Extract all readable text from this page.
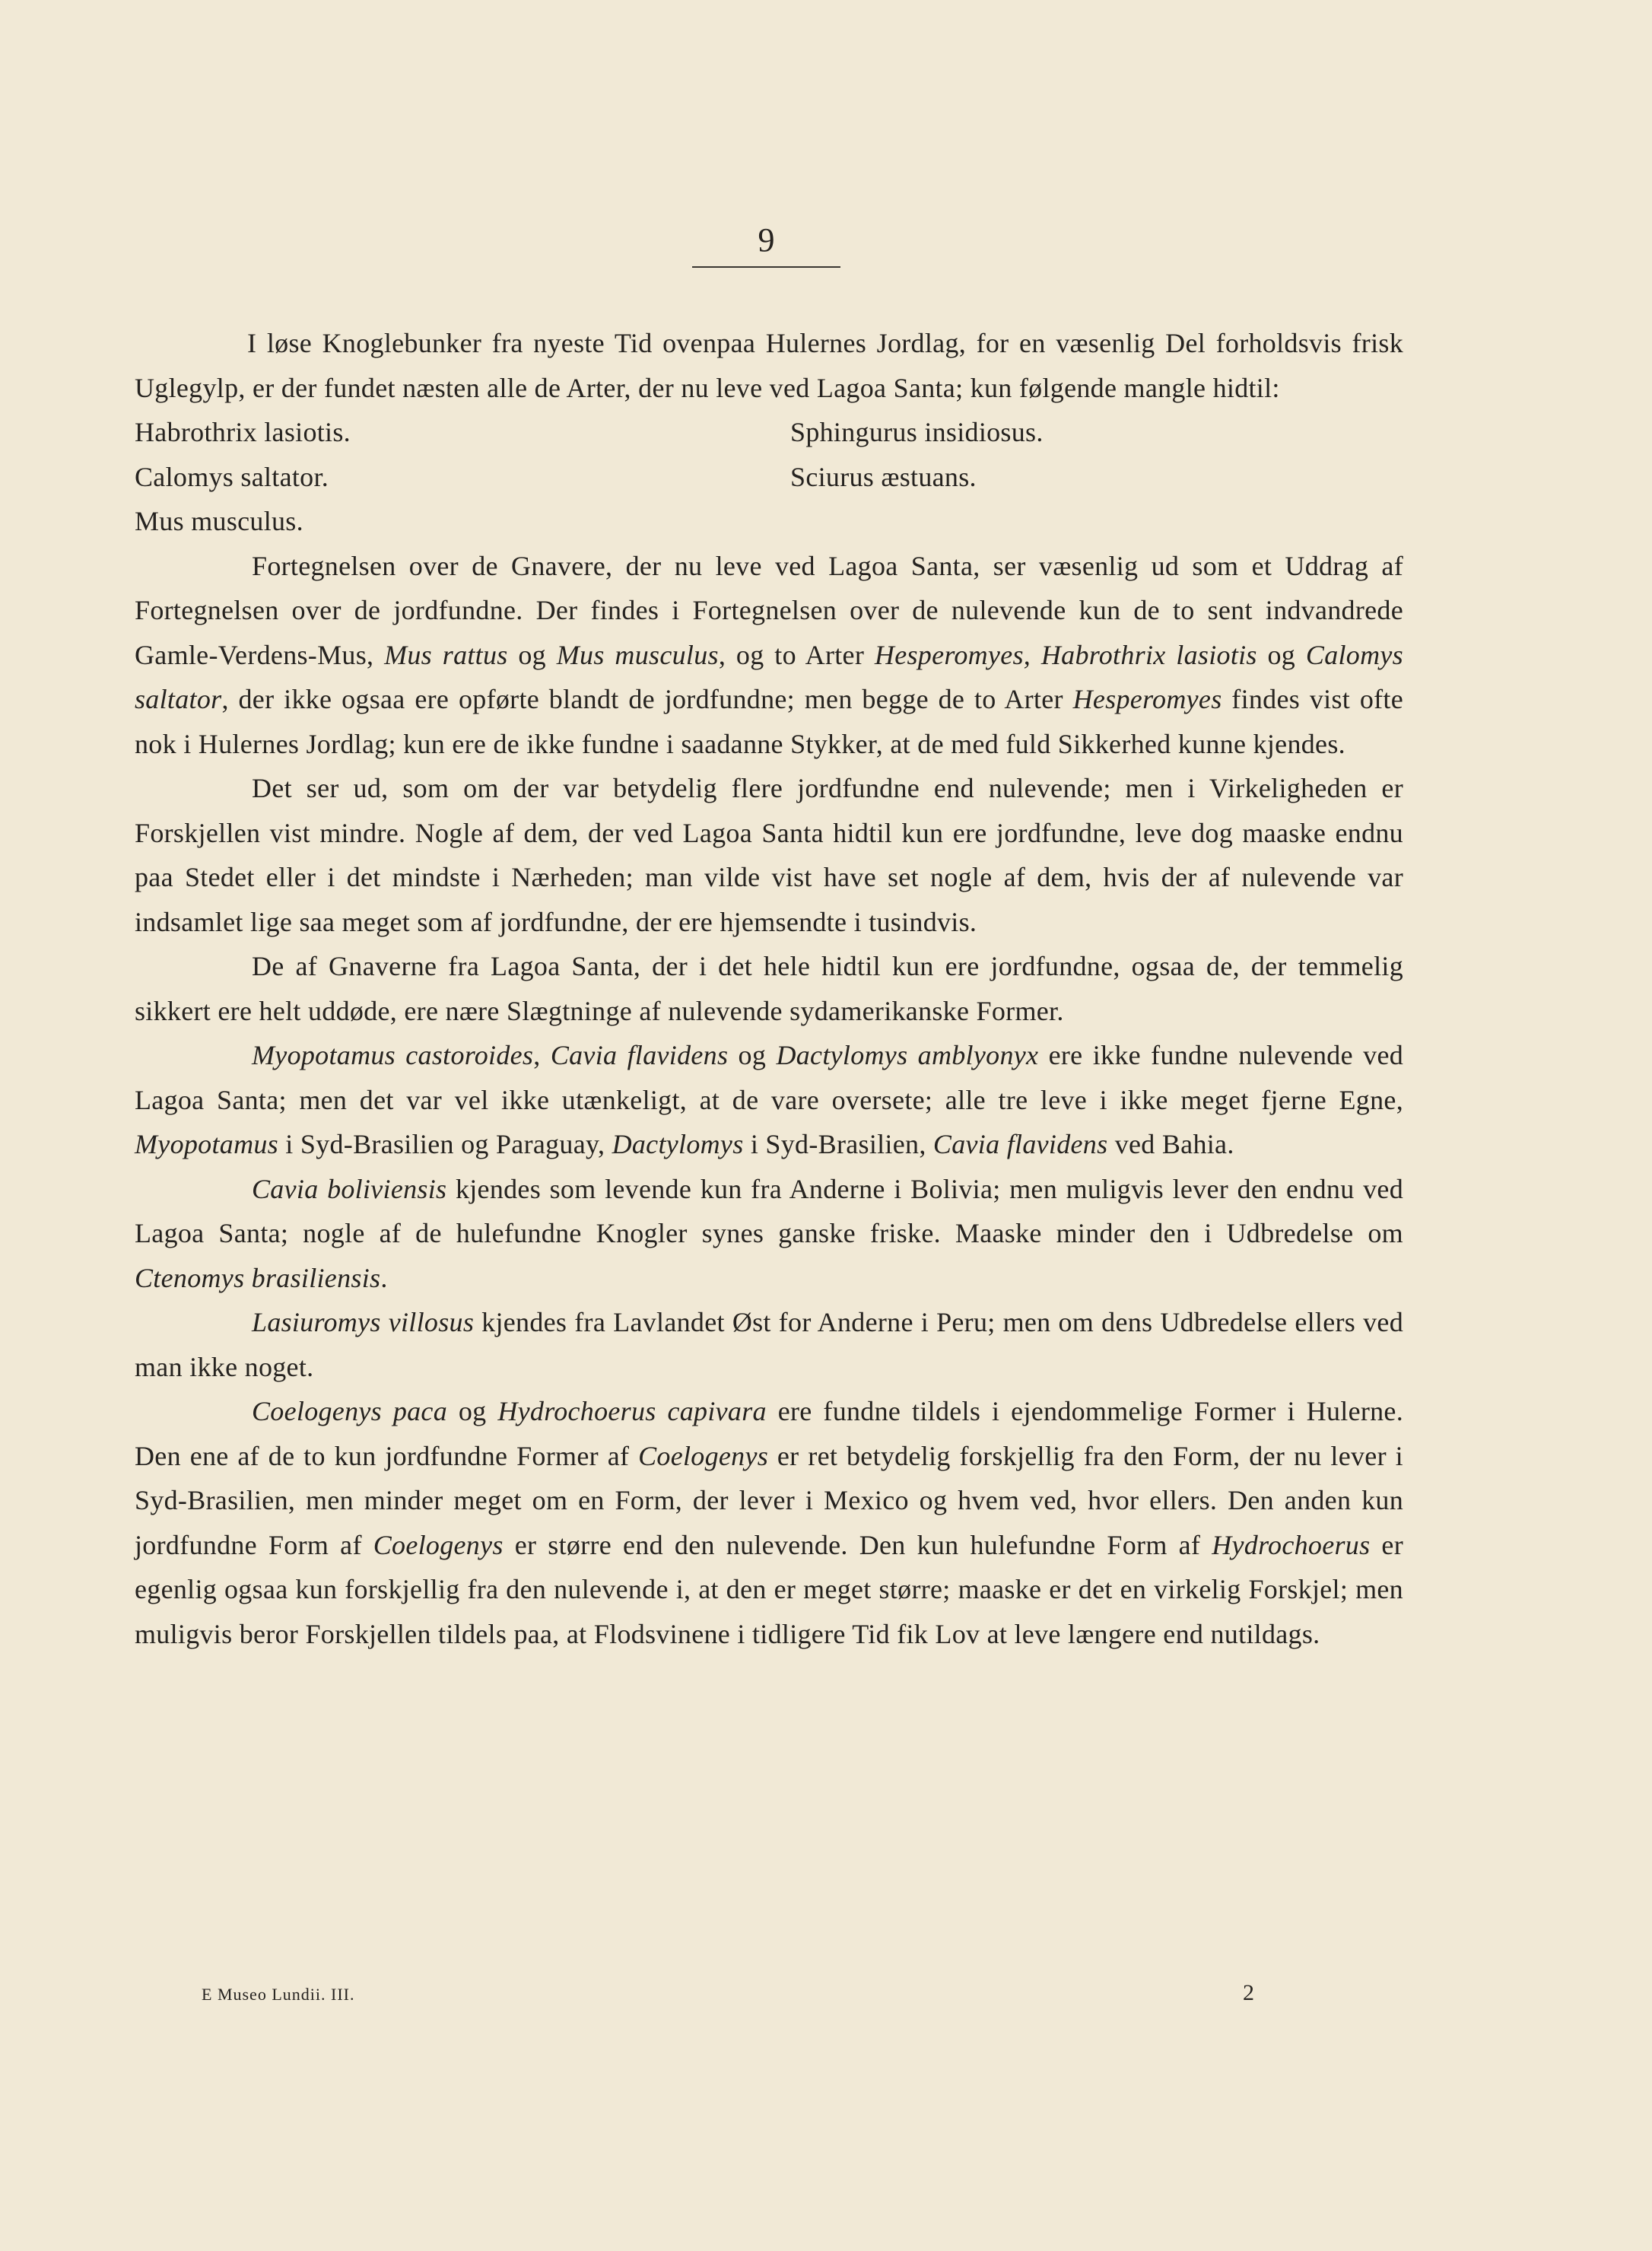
9

I løse Knoglebunker fra nyeste Tid ovenpaa Hulernes Jordlag, for en væsenlig Del forholdsvis frisk Uglegylp, er der fundet næsten alle de Arter, der nu leve ved Lagoa Santa; kun følgende mangle hidtil:

Habrothrix lasiotis.
Calomys saltator.
Mus musculus.
Sphingurus insidiosus.
Sciurus æstuans.

Fortegnelsen over de Gnavere, der nu leve ved Lagoa Santa, ser væsenlig ud som et Uddrag af Fortegnelsen over de jordfundne. Der findes i Fortegnelsen over de nulevende kun de to sent indvandrede Gamle-Verdens-Mus, Mus rattus og Mus musculus, og to Arter Hesperomyes, Habrothrix lasiotis og Calomys saltator, der ikke ogsaa ere opførte blandt de jordfundne; men begge de to Arter Hesperomyes findes vist ofte nok i Hulernes Jordlag; kun ere de ikke fundne i saadanne Stykker, at de med fuld Sikkerhed kunne kjendes.

Det ser ud, som om der var betydelig flere jordfundne end nulevende; men i Virkeligheden er Forskjellen vist mindre. Nogle af dem, der ved Lagoa Santa hidtil kun ere jordfundne, leve dog maaske endnu paa Stedet eller i det mindste i Nærheden; man vilde vist have set nogle af dem, hvis der af nulevende var indsamlet lige saa meget som af jordfundne, der ere hjemsendte i tusindvis.

De af Gnaverne fra Lagoa Santa, der i det hele hidtil kun ere jordfundne, ogsaa de, der temmelig sikkert ere helt uddøde, ere nære Slægtninge af nulevende sydamerikanske Former.

Myopotamus castoroides, Cavia flavidens og Dactylomys amblyonyx ere ikke fundne nulevende ved Lagoa Santa; men det var vel ikke utænkeligt, at de vare oversete; alle tre leve i ikke meget fjerne Egne, Myopotamus i Syd-Brasilien og Paraguay, Dactylomys i Syd-Brasilien, Cavia flavidens ved Bahia.

Cavia boliviensis kjendes som levende kun fra Anderne i Bolivia; men muligvis lever den endnu ved Lagoa Santa; nogle af de hulefundne Knogler synes ganske friske. Maaske minder den i Udbredelse om Ctenomys brasiliensis.

Lasiuromys villosus kjendes fra Lavlandet Øst for Anderne i Peru; men om dens Udbredelse ellers ved man ikke noget.

Coelogenys paca og Hydrochoerus capivara ere fundne tildels i ejendommelige Former i Hulerne. Den ene af de to kun jordfundne Former af Coelogenys er ret betydelig forskjellig fra den Form, der nu lever i Syd-Brasilien, men minder meget om en Form, der lever i Mexico og hvem ved, hvor ellers. Den anden kun jordfundne Form af Coelogenys er større end den nulevende. Den kun hulefundne Form af Hydrochoerus er egenlig ogsaa kun forskjellig fra den nulevende i, at den er meget større; maaske er det en virkelig Forskjel; men muligvis beror Forskjellen tildels paa, at Flodsvinene i tidligere Tid fik Lov at leve længere end nutildags.

E Museo Lundii. III.	2
